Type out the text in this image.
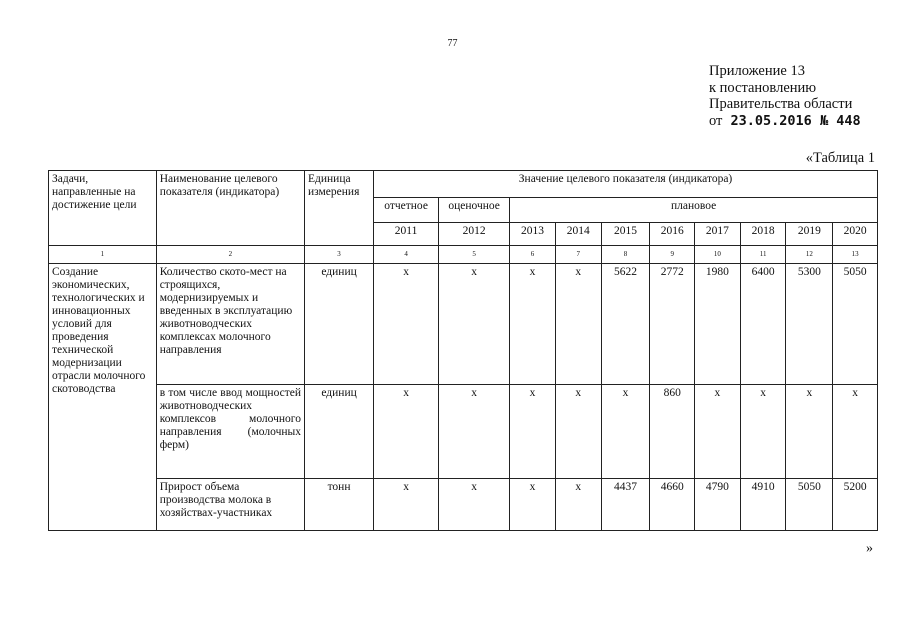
77
Приложение 13
к постановлению
Правительства области
от 23.05.2016 № 448
«Таблица 1
Задачи, направленные на достижение цели	Наименование целевого показателя (индикатора)	Единица измерения	Значение целевого показателя (индикатора)									
			отчетное	оценочное	плановое							
			2011	2012	2013	2014	2015	2016	2017	2018	2019	2020
1	2	3	4	5	6	7	8	9	10	11	12	13
Создание экономических, технологических и инновационных условий для проведения технической модернизации отрасли молочного скотоводства	Количество ското-мест на строящихся, модернизируемых и введенных в эксплуатацию животноводческих комплексах молочного направления	единиц	х	х	х	х	5622	2772	1980	6400	5300	5050
	в том числе ввод мощностей животноводческих комплексов молочного направления (молочных ферм)	единиц	х	х	х	х	х	860	х	х	х	х
	Прирост объема производства молока в хозяйствах-участниках	тонн	х	х	х	х	4437	4660	4790	4910	5050	5200
»
